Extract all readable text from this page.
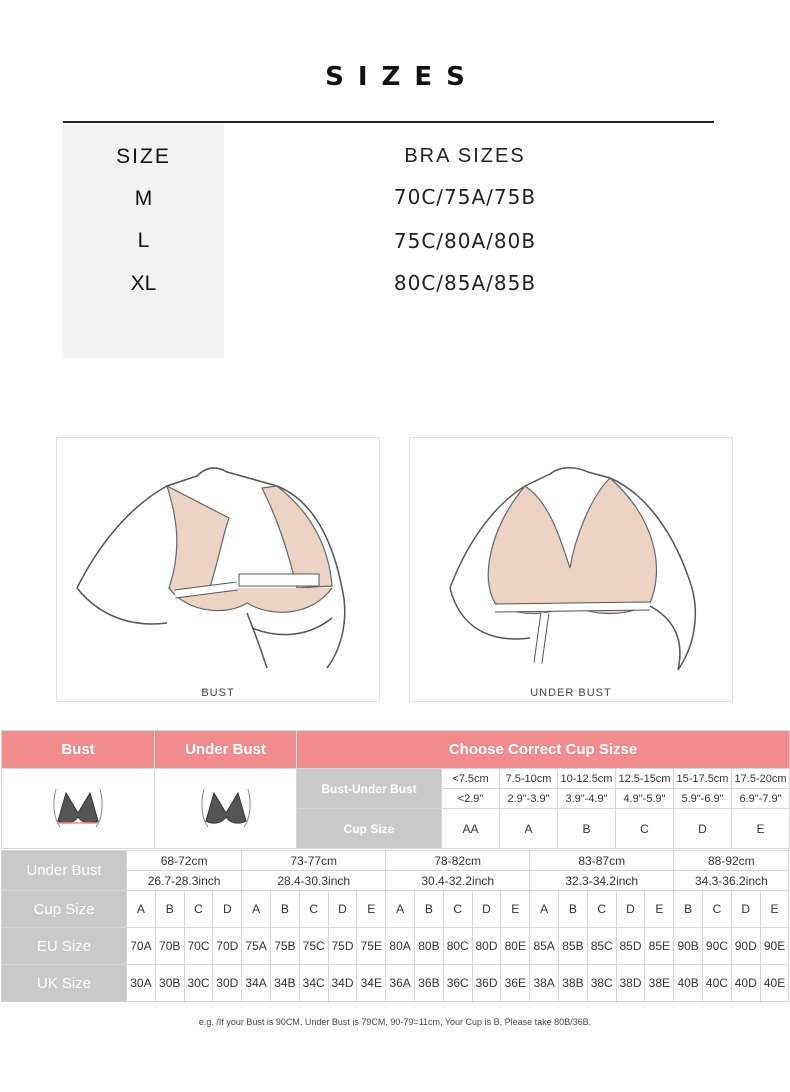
SIZES
SIZE	BRA SIZES
M	70C/75A/75B
L	75C/80A/80B
XL	80C/85A/85B
BUST	UNDER BUST
Bust	Under Bust	Choose Correct Cup Sizse						
		Bust-Under Bust	<7.5cm	7.5-10cm	10-12.5cm	12.5-15cm	15-17.5cm	17.5-20cm
			<2.9"	2.9"-3.9"	3.9"-4.9"	4.9"-5.9"	5.9"-6.9"	6.9"-7.9"
		Cup Size	AA	A	B	C	D	E
Under Bust	68-72cm				73-77cm					78-82cm					83-87cm					88-92cm			
	26.7-28.3inch				28.4-30.3inch					30.4-32.2inch					32.3-34.2inch					34.3-36.2inch			
Cup Size	A	B	C	D	A	B	C	D	E	A	B	C	D	E	A	B	C	D	E	B	C	D	E
EU Size	70A	70B	70C	70D	75A	75B	75C	75D	75E	80A	80B	80C	80D	80E	85A	85B	85C	85D	85E	90B	90C	90D	90E
UK Size	30A	30B	30C	30D	34A	34B	34C	34D	34E	36A	36B	36C	36D	36E	38A	38B	38C	38D	38E	40B	40C	40D	40E
e.g. /If your Bust is 90CM, Under Bust is 79CM, 90-79=11cm, Your Cup is B, Please take 80B/36B.
